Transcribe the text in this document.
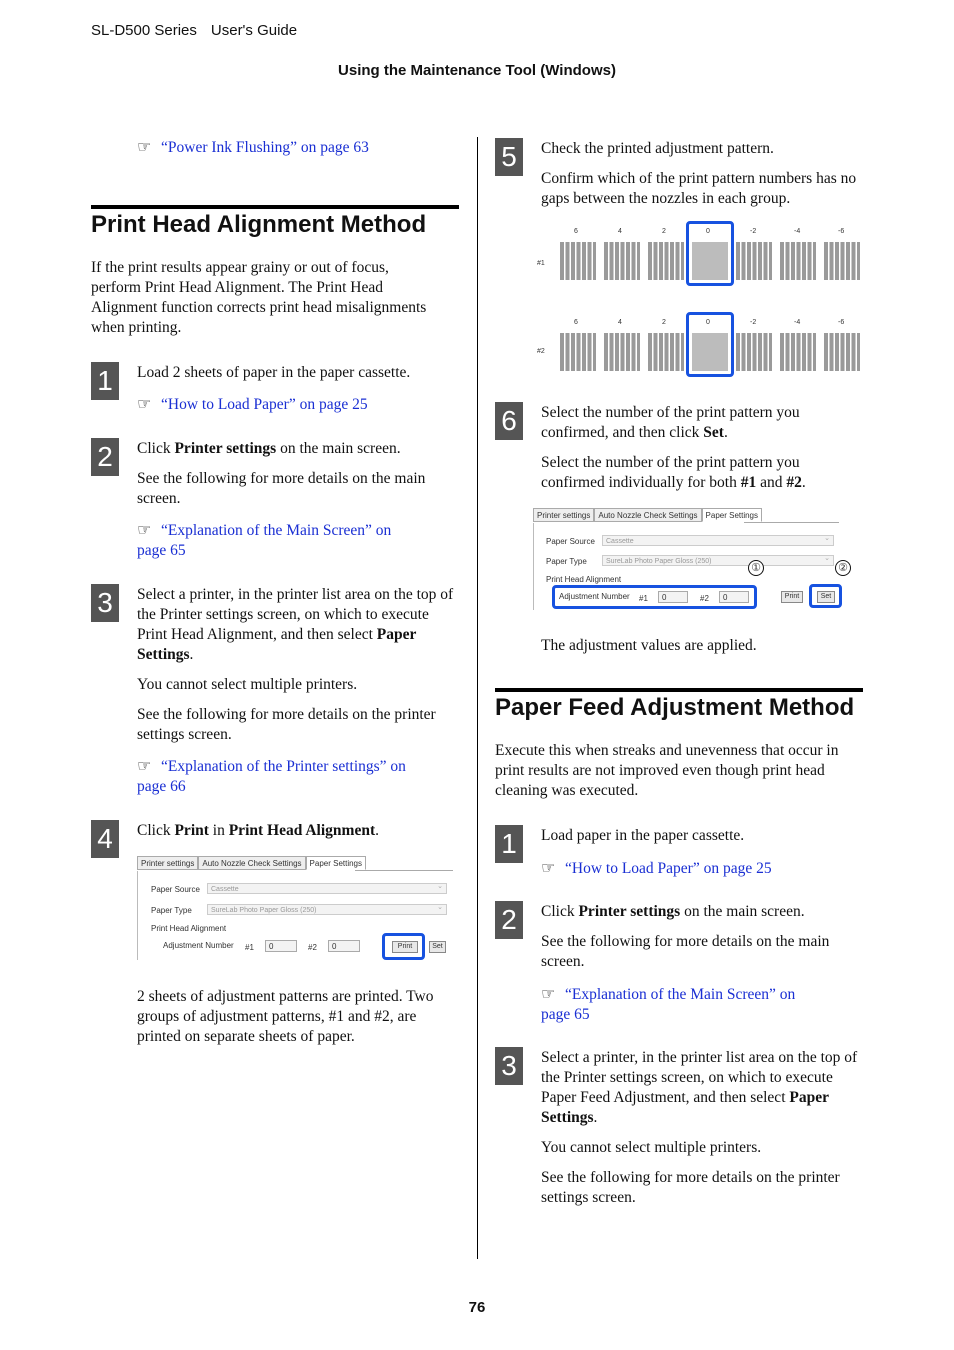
SL-D500 Series User's Guide
Using the Maintenance Tool (Windows)
☞ “Power Ink Flushing” on page 63
Print Head Alignment Method
If the print results appear grainy or out of focus, perform Print Head Alignment. The Print Head Alignment function corrects print head misalignments when printing.
1	Load 2 sheets of paper in the paper cassette.
☞ “How to Load Paper” on page 25
2	Click Printer settings on the main screen.
See the following for more details on the main screen.
☞ “Explanation of the Main Screen” on
page 65
3	Select a printer, in the printer list area on the top of the Printer settings screen, on which to execute Print Head Alignment, and then select Paper Settings.
You cannot select multiple printers.
See the following for more details on the printer settings screen.
☞ “Explanation of the Printer settings” on
page 66
4	Click Print in Print Head Alignment.
Printer settings	Auto Nozzle Check Settings	Paper Settings
Paper Source	Cassette ⌄
Paper Type	SureLab Photo Paper Gloss (250) ⌄
Print Head Alignment
Adjustment Number #1	0	#2	0	Print	Set
2 sheets of adjustment patterns are printed. Two groups of adjustment patterns, #1 and #2, are printed on separate sheets of paper.
5	Check the printed adjustment pattern.
Confirm which of the print pattern numbers has no gaps between the nozzles in each group.
#1
#2
6	4	2	0	-2	-4	-6
6	4	2	0	-2	-4	-6
6	Select the number of the print pattern you confirmed, and then click Set.
Select the number of the print pattern you confirmed individually for both #1 and #2.
Printer settings	Auto Nozzle Check Settings	Paper Settings
Paper Source	Cassette ⌄
Paper Type	SureLab Photo Paper Gloss (250) ⌄
Print Head Alignment
Adjustment Number #1	0	#2	0	Print	Set
①	②
The adjustment values are applied.
Paper Feed Adjustment Method
Execute this when streaks and unevenness that occur in print results are not improved even though print head cleaning was executed.
1	Load paper in the paper cassette.
☞ “How to Load Paper” on page 25
2	Click Printer settings on the main screen.
See the following for more details on the main screen.
☞ “Explanation of the Main Screen” on
page 65
3	Select a printer, in the printer list area on the top of the Printer settings screen, on which to execute Paper Feed Adjustment, and then select Paper Settings.
You cannot select multiple printers.
See the following for more details on the printer settings screen.
76
